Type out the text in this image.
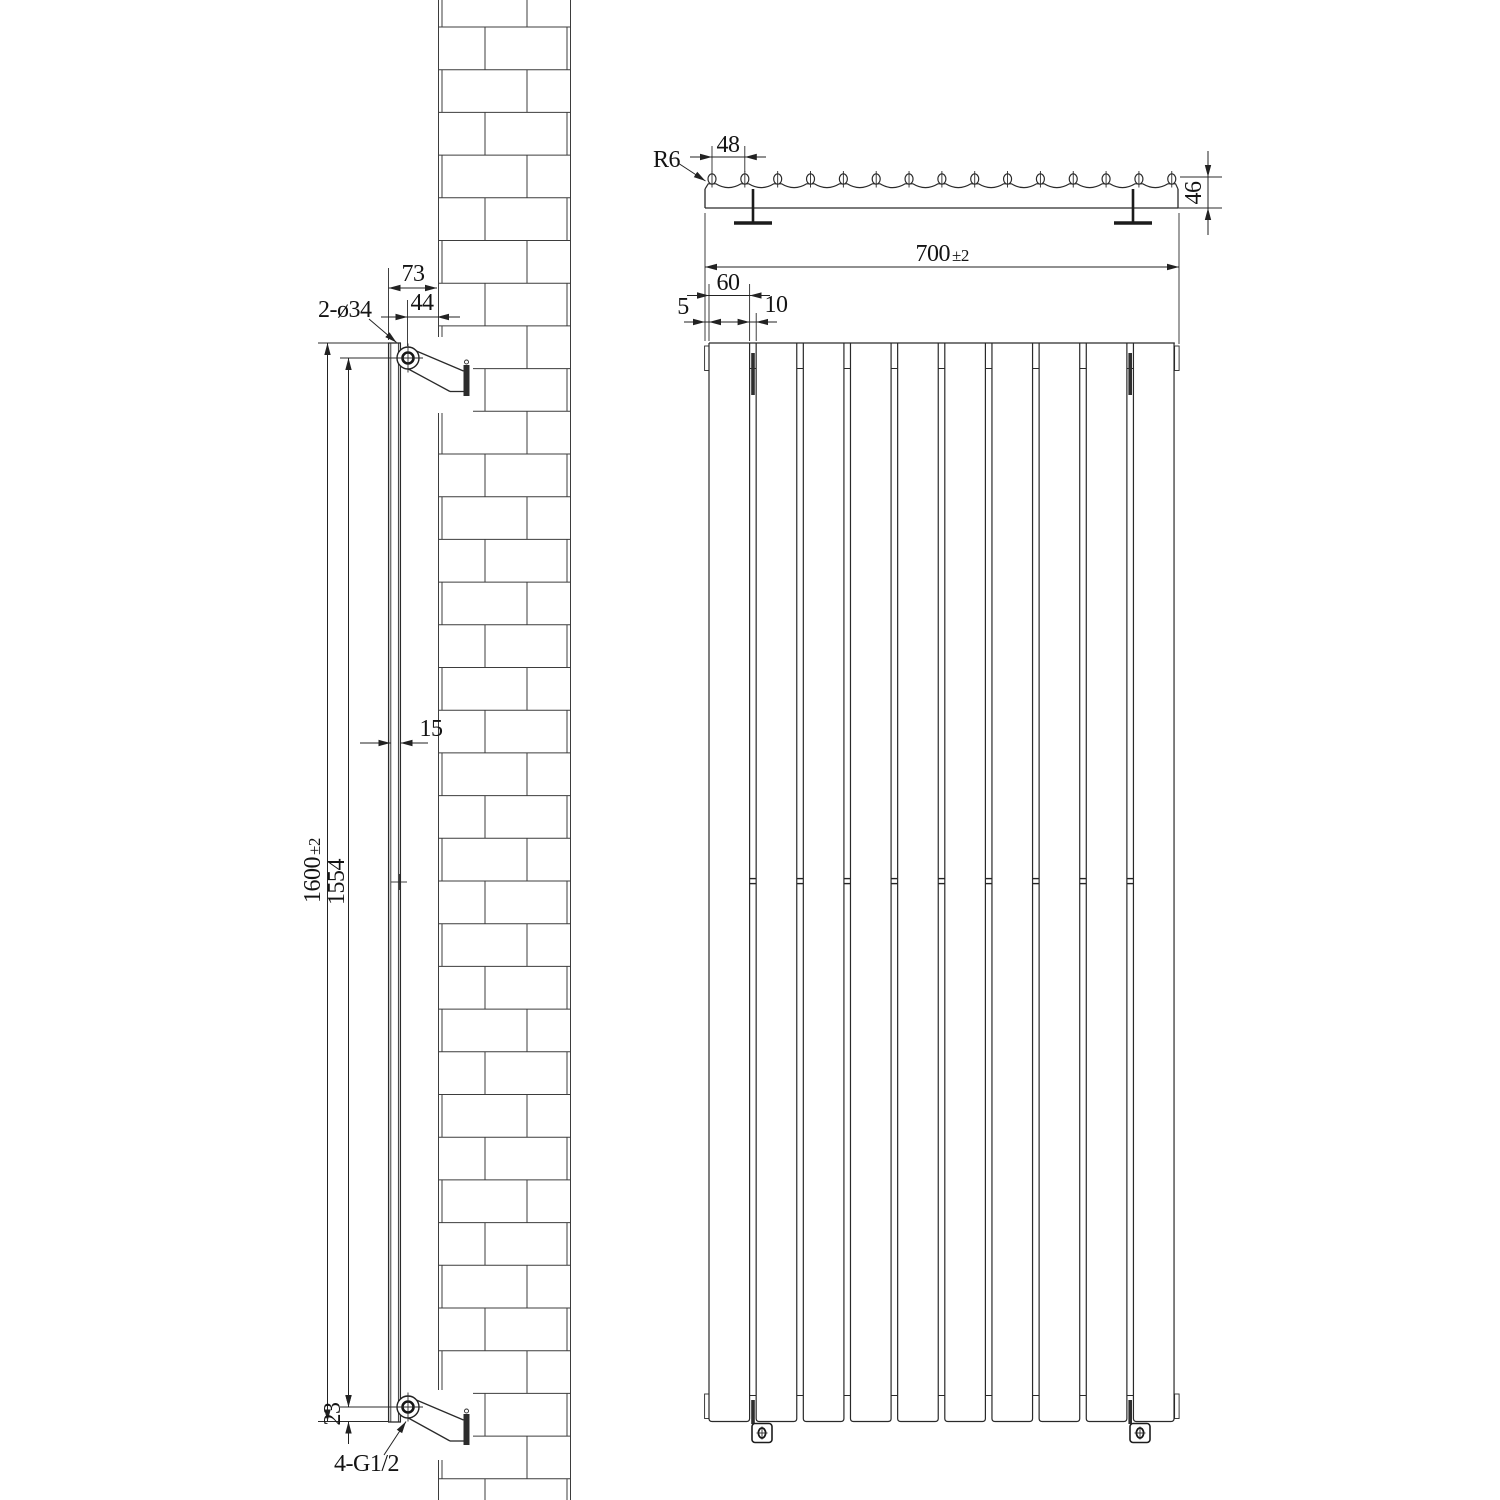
73
44
2-ø34
1600
±2
1554
23
15
4-G1/2
48
R6
46
700 ±2
60
5	10
